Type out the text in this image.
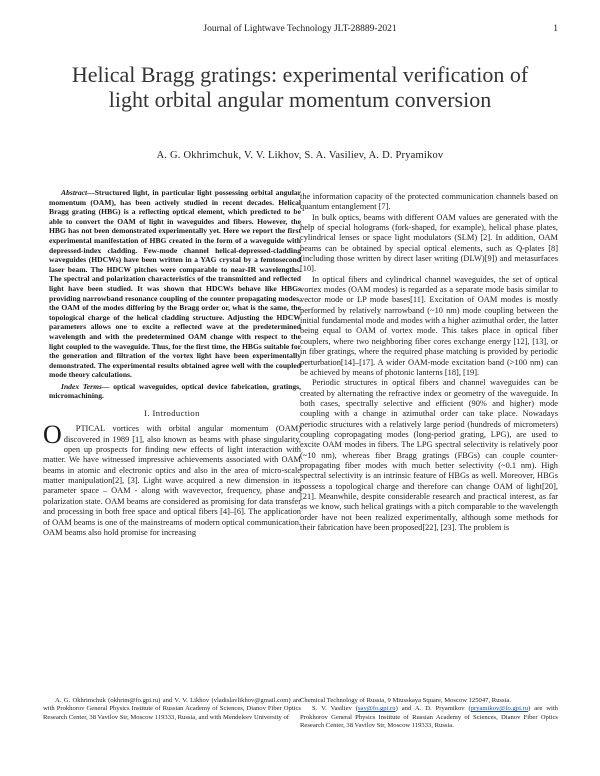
Journal of Lightwave Technology JLT-28889-2021	1
Helical Bragg gratings: experimental verification of light orbital angular momentum conversion
A. G. Okhrimchuk, V. V. Likhov, S. A. Vasiliev, A. D. Pryamikov

Abstract—Structured light, in particular light possessing orbital angular momentum (OAM), has been actively studied in recent decades. Helical Bragg grating (HBG) is a reflecting optical element, which predicted to be able to convert the OAM of light in waveguides and fibers. However, the HBG has not been demonstrated experimentally yet. Here we report the first experimental manifestation of HBG created in the form of a waveguide with depressed-index cladding. Few-mode channel helical-depressed-cladding waveguides (HDCWs) have been written in a YAG crystal by a femtosecond laser beam. The HDCW pitches were comparable to near-IR wavelengths. The spectral and polarization characteristics of the transmitted and reflected light have been studied. It was shown that HDCWs behave like HBGs providing narrowband resonance coupling of the counter propagating modes, the OAM of the modes differing by the Bragg order or, what is the same, the topological charge of the helical cladding structure. Adjusting the HDCW parameters allows one to excite a reflected wave at the predetermined wavelength and with the predetermined OAM change with respect to the light coupled to the waveguide. Thus, for the first time, the HBGs suitable for the generation and filtration of the vortex light have been experimentally demonstrated. The experimental results obtained agree well with the coupled mode theory calculations.

Index Terms— optical waveguides, optical device fabrication, gratings, micromachining.

I. Introduction

O PTICAL vortices with orbital angular momentum (OAM) discovered in 1989 [1], also known as beams with phase singularity, open up prospects for finding new effects of light interaction with matter. We have witnessed impressive achievements associated with OAM beams in atomic and electronic optics and also in the area of micro-scale matter manipulation[2], [3]. Light wave acquired a new dimension in its parameter space – OAM - along with wavevector, frequency, phase and polarization state. OAM beams are considered as promising for data transfer and processing in both free space and optical fibers [4]–[6]. The application of OAM beams is one of the mainstreams of modern optical communication. OAM beams also hold promise for increasing

the information capacity of the protected communication channels based on quantum entanglement [7].

In bulk optics, beams with different OAM values are generated with the help of special holograms (fork-shaped, for example), helical phase plates, cylindrical lenses or space light modulators (SLM) [2]. In addition, OAM beams can be obtained by special optical elements, such as Q-plates [8] (including those written by direct laser writing (DLW)[9]) and metasurfaces [10].

In optical fibers and cylindrical channel waveguides, the set of optical vortex modes (OAM modes) is regarded as a separate mode basis similar to vector mode or LP mode bases[11]. Excitation of OAM modes is mostly performed by relatively narrowband (~10 nm) mode coupling between the initial fundamental mode and modes with a higher azimuthal order, the latter being equal to OAM of vortex mode. This takes place in optical fiber couplers, where two neighboring fiber cores exchange energy [12], [13], or in fiber gratings, where the required phase matching is provided by periodic perturbation[14]–[17]. A wider OAM-mode excitation band (>100 nm) can be achieved by means of photonic lanterns [18], [19].

Periodic structures in optical fibers and channel waveguides can be created by alternating the refractive index or geometry of the waveguide. In both cases, spectrally selective and efficient (90% and higher) mode coupling with a change in azimuthal order can take place. Nowadays periodic structures with a relatively large period (hundreds of micrometers) coupling copropagating modes (long-period grating, LPG), are used to excite OAM modes in fibers. The LPG spectral selectivity is relatively poor (~10 nm), whereas fiber Bragg gratings (FBGs) can couple counter-propagating fiber modes with much better selectivity (~0.1 nm). High spectral selectivity is an intrinsic feature of HBGs as well. Moreover, HBGs possess a topological charge and therefore can change OAM of light[20], [21]. Meanwhile, despite considerable research and practical interest, as far as we know, such helical gratings with a pitch comparable to the wavelength order have not been realized experimentally, although some methods for their fabrication have been proposed[22], [23]. The problem is

A. G. Okhrimchuk (okhrim@fo.gpi.ru) and V. V. Likhov (vladislavlikhov@gmail.com) are with Prokhorov General Physics Institute of Russian Academy of Sciences, Dianov Fiber Optics Research Center, 38 Vavilov Str, Moscow 119333, Russia, and with Mendeleev University of
Chemical Technology of Russia, 9 Miusskaya Square, Moscow 125047, Russia.
S. V. Vasiliev (sav@fo.gpi.ru) and A. D. Pryamikov (pryamikov@fo.gpi.ru) are with Prokhorov General Physics Institute of Russian Academy of Sciences, Dianov Fiber Optics Research Center, 38 Vavilov Str, Moscow 119333, Russia.
